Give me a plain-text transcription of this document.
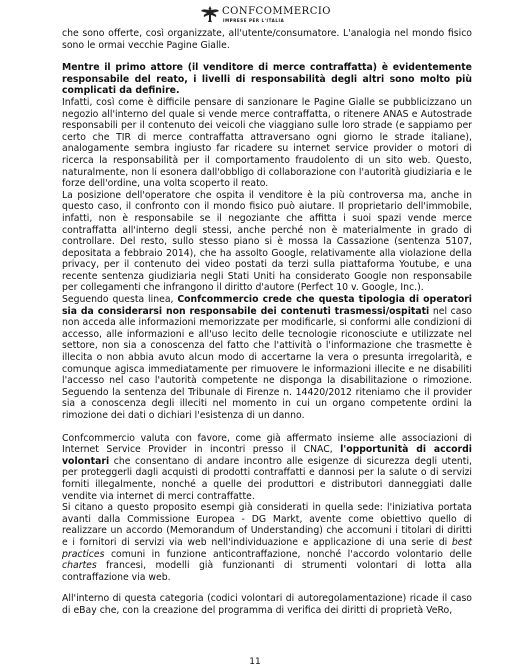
CONFCOMMERCIO
IMPRESE PER L'ITALIA

che sono offerte, così organizzate, all'utente/consumatore. L'analogia nel mondo fisico sono le ormai vecchie Pagine Gialle.

Mentre il primo attore (il venditore di merce contraffatta) è evidentemente responsabile del reato, i livelli di responsabilità degli altri sono molto più complicati da definire.

Infatti, così come è difficile pensare di sanzionare le Pagine Gialle se pubblicizzano un negozio all'interno del quale si vende merce contraffatta, o ritenere ANAS e Autostrade responsabili per il contenuto dei veicoli che viaggiano sulle loro strade (e sappiamo per certo che TIR di merce contraffatta attraversano ogni giorno le strade italiane), analogamente sembra ingiusto far ricadere su internet service provider o motori di ricerca la responsabilità per il comportamento fraudolento di un sito web. Questo, naturalmente, non li esonera dall'obbligo di collaborazione con l'autorità giudiziaria e le forze dell'ordine, una volta scoperto il reato.

La posizione dell'operatore che ospita il venditore è la più controversa ma, anche in questo caso, il confronto con il mondo fisico può aiutare. Il proprietario dell'immobile, infatti, non è responsabile se il negoziante che affitta i suoi spazi vende merce contraffatta all'interno degli stessi, anche perché non è materialmente in grado di controllare. Del resto, sullo stesso piano si è mossa la Cassazione (sentenza 5107, depositata a febbraio 2014), che ha assolto Google, relativamente alla violazione della privacy, per il contenuto dei video postati da terzi sulla piattaforma Youtube, e una recente sentenza giudiziaria negli Stati Uniti ha considerato Google non responsabile per collegamenti che infrangono il diritto d'autore (Perfect 10 v. Google, Inc.).

Seguendo questa linea, Confcommercio crede che questa tipologia di operatori sia da considerarsi non responsabile dei contenuti trasmessi/ospitati nel caso non acceda alle informazioni memorizzate per modificarle, si conformi alle condizioni di accesso, alle informazioni e all'uso lecito delle tecnologie riconosciute e utilizzate nel settore, non sia a conoscenza del fatto che l'attività o l'informazione che trasmette è illecita o non abbia avuto alcun modo di accertarne la vera o presunta irregolarità, e comunque agisca immediatamente per rimuovere le informazioni illecite e ne disabiliti l'accesso nel caso l'autorità competente ne disponga la disabilitazione o rimozione. Seguendo la sentenza del Tribunale di Firenze n. 14420/2012 riteniamo che il provider sia a conoscenza degli illeciti nel momento in cui un organo competente ordini la rimozione dei dati o dichiari l'esistenza di un danno.

Confcommercio valuta con favore, come già affermato insieme alle associazioni di Internet Service Provider in incontri presso il CNAC, l'opportunità di accordi volontari che consentano di andare incontro alle esigenze di sicurezza degli utenti, per proteggerli dagli acquisti di prodotti contraffatti e dannosi per la salute o di servizi forniti illegalmente, nonché a quelle dei produttori e distributori danneggiati dalle vendite via internet di merci contraffatte.

Si citano a questo proposito esempi già considerati in quella sede: l'iniziativa portata avanti dalla Commissione Europea - DG Markt, avente come obiettivo quello di realizzare un accordo (Memorandum of Understanding) che accomuni i titolari di diritti e i fornitori di servizi via web nell'individuazione e applicazione di una serie di best practices comuni in funzione anticontraffazione, nonché l'accordo volontario delle chartes francesi, modelli già funzionanti di strumenti volontari di lotta alla contraffazione via web.

All'interno di questa categoria (codici volontari di autoregolamentazione) ricade il caso di eBay che, con la creazione del programma di verifica dei diritti di proprietà VeRo,

11
